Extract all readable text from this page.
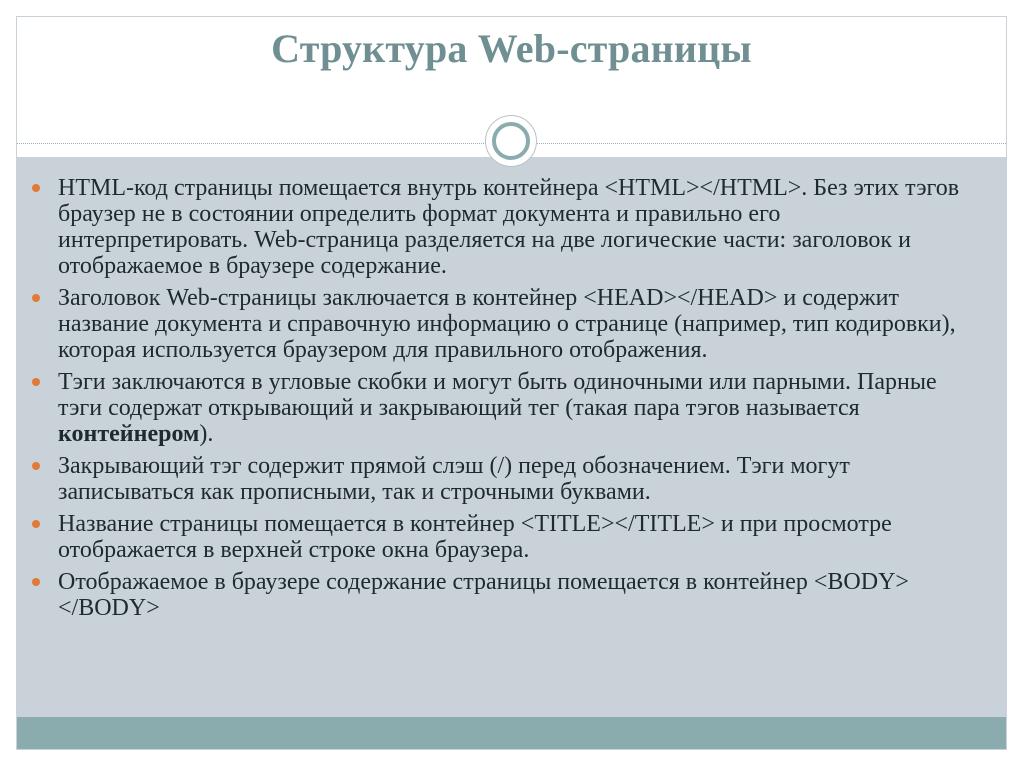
Структура Web-страницы
HTML-код страницы помещается внутрь контейнера <HTML></HTML>. Без этих тэгов браузер не в состоянии определить формат документа и правильно его интерпретировать. Web-страница разделяется на две логические части: заголовок и отображаемое в браузере содержание.
Заголовок Web-страницы заключается в контейнер <HEAD></HEAD> и содержит название документа и справочную информацию о странице (например, тип кодировки), которая используется браузером для правильного отображения.
Тэги заключаются в угловые скобки и могут быть одиночными или парными. Парные тэги содержат открывающий и закрывающий тег (такая пара тэгов называется контейнером).
Закрывающий тэг содержит прямой слэш (/) перед обозначением. Тэги могут записываться как прописными, так и строчными буквами.
Название страницы помещается в контейнер <TITLE></TITLE> и при просмотре отображается в верхней строке окна браузера.
Отображаемое в браузере содержание страницы помещается в контейнер <BODY></BODY>
